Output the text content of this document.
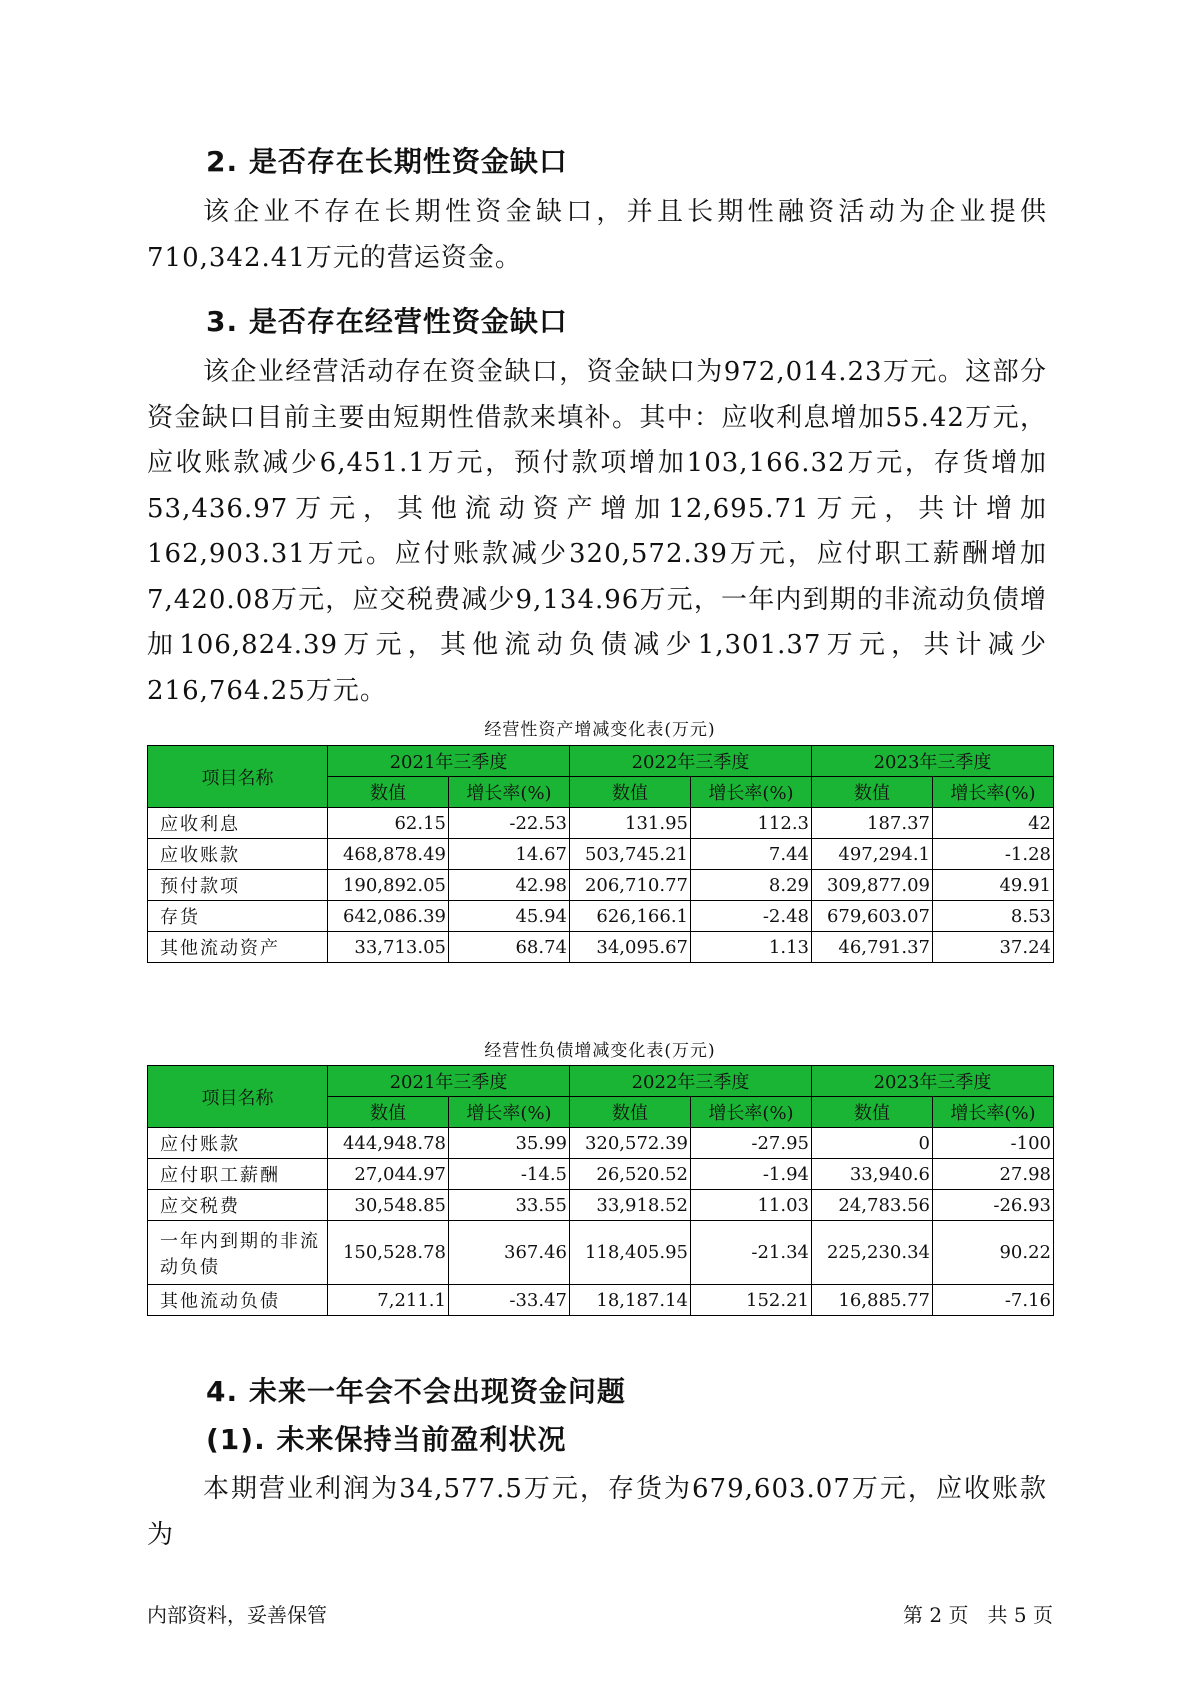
2. 是否存在长期性资金缺口
该企业不存在长期性资金缺口，并且长期性融资活动为企业提供710,342.41万元的营运资金。
3. 是否存在经营性资金缺口
该企业经营活动存在资金缺口，资金缺口为972,014.23万元。这部分资金缺口目前主要由短期性借款来填补。其中：应收利息增加55.42万元，应收账款减少6,451.1万元，预付款项增加103,166.32万元，存货增加53,436.97万元，其他流动资产增加12,695.71万元，共计增加162,903.31万元。应付账款减少320,572.39万元，应付职工薪酬增加7,420.08万元，应交税费减少9,134.96万元，一年内到期的非流动负债增加106,824.39万元，其他流动负债减少1,301.37万元，共计减少216,764.25万元。
经营性资产增减变化表(万元)
项目名称	2021年三季度		2022年三季度		2023年三季度	
	数值	增长率(%)	数值	增长率(%)	数值	增长率(%)
应收利息	62.15	-22.53	131.95	112.3	187.37	42
应收账款	468,878.49	14.67	503,745.21	7.44	497,294.1	-1.28
预付款项	190,892.05	42.98	206,710.77	8.29	309,877.09	49.91
存货	642,086.39	45.94	626,166.1	-2.48	679,603.07	8.53
其他流动资产	33,713.05	68.74	34,095.67	1.13	46,791.37	37.24
经营性负债增减变化表(万元)
项目名称	2021年三季度		2022年三季度		2023年三季度	
	数值	增长率(%)	数值	增长率(%)	数值	增长率(%)
应付账款	444,948.78	35.99	320,572.39	-27.95	0	-100
应付职工薪酬	27,044.97	-14.5	26,520.52	-1.94	33,940.6	27.98
应交税费	30,548.85	33.55	33,918.52	11.03	24,783.56	-26.93
一年内到期的非流动负债	150,528.78	367.46	118,405.95	-21.34	225,230.34	90.22
其他流动负债	7,211.1	-33.47	18,187.14	152.21	16,885.77	-7.16
4. 未来一年会不会出现资金问题
(1). 未来保持当前盈利状况
本期营业利润为34,577.5万元，存货为679,603.07万元，应收账款为
内部资料，妥善保管	第 2 页   共 5 页
